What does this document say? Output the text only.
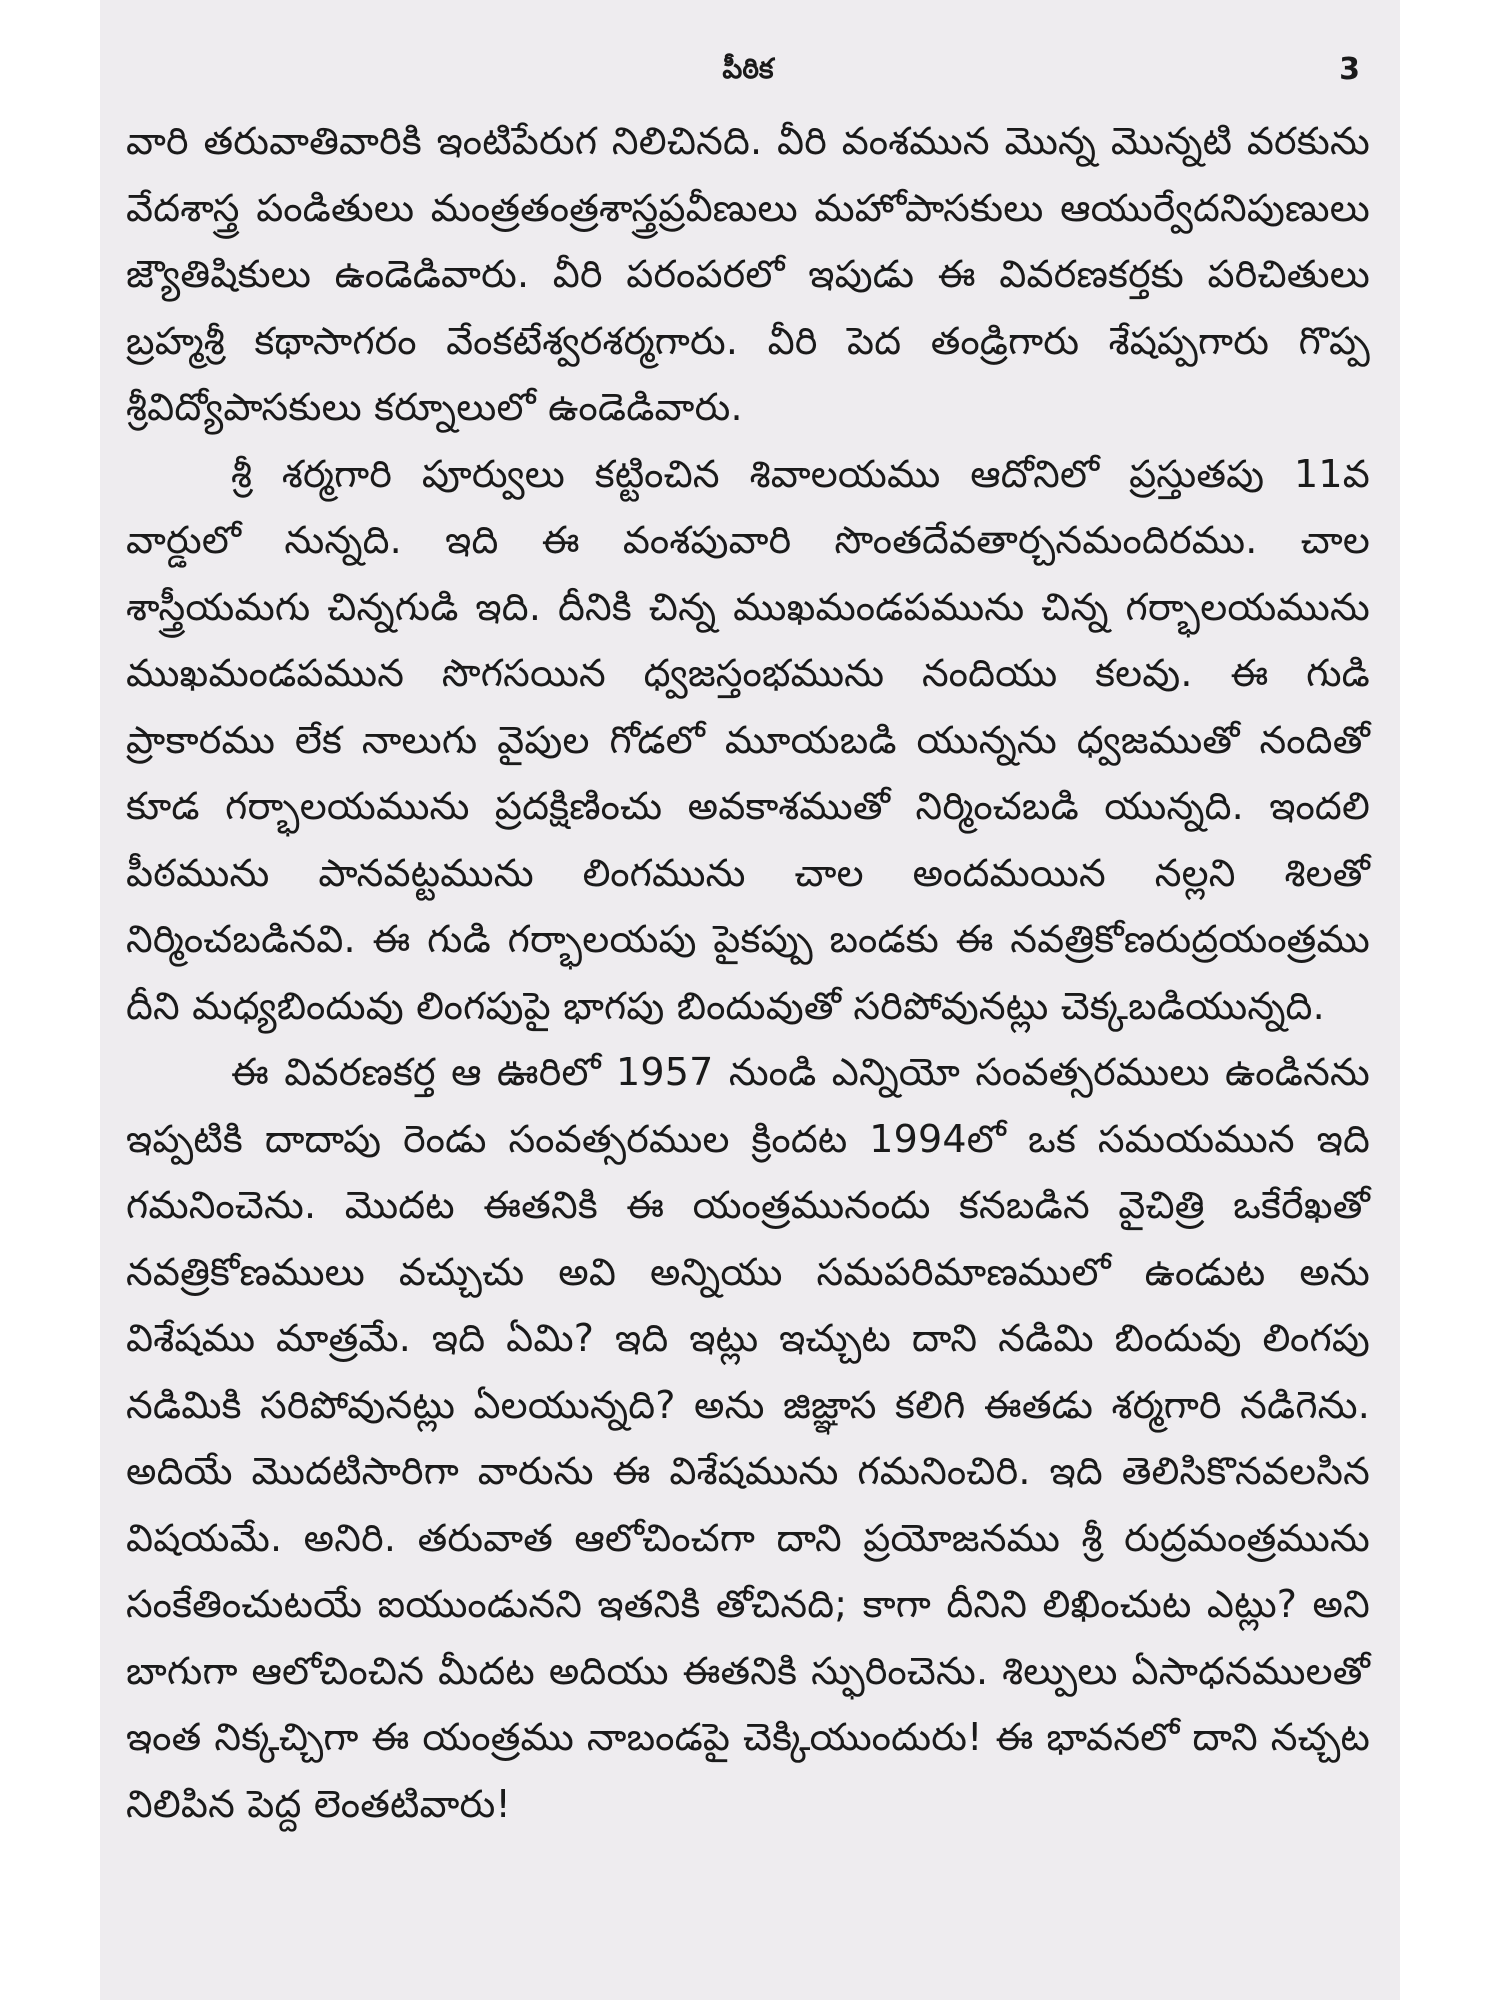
పీఠిక	3

వారి తరువాతివారికి ఇంటిపేరుగ నిలిచినది. వీరి వంశమున మొన్న మొన్నటి వరకును వేదశాస్త్ర పండితులు మంత్రతంత్రశాస్త్రప్రవీణులు మహోపాసకులు ఆయుర్వేదనిపుణులు జ్యౌతిషికులు ఉండెడివారు. వీరి పరంపరలో ఇపుడు ఈ వివరణకర్తకు పరిచితులు బ్రహ్మశ్రీ కథాసాగరం వేంకటేశ్వరశర్మగారు. వీరి పెద తండ్రిగారు శేషప్పగారు గొప్ప శ్రీవిద్యోపాసకులు కర్నూలులో ఉండెడివారు.

శ్రీ శర్మగారి పూర్వులు కట్టించిన శివాలయము ఆదోనిలో ప్రస్తుతపు 11వ వార్డులో నున్నది. ఇది ఈ వంశపువారి సొంతదేవతార్చనమందిరము. చాల శాస్త్రీయమగు చిన్నగుడి ఇది. దీనికి చిన్న ముఖమండపమును చిన్న గర్భాలయమును ముఖమండపమున సొగసయిన ధ్వజస్తంభమును నందియు కలవు. ఈ గుడి ప్రాకారము లేక నాలుగు వైపుల గోడలో మూయబడి యున్నను ధ్వజముతో నందితో కూడ గర్భాలయమును ప్రదక్షిణించు అవకాశముతో నిర్మించబడి యున్నది. ఇందలి పీఠమును పానవట్టమును లింగమును చాల అందమయిన నల్లని శిలతో నిర్మించబడినవి. ఈ గుడి గర్భాలయపు పైకప్పు బండకు ఈ నవత్రికోణరుద్రయంత్రము దీని మధ్యబిందువు లింగపుపై భాగపు బిందువుతో సరిపోవునట్లు చెక్కబడియున్నది.

ఈ వివరణకర్త ఆ ఊరిలో 1957 నుండి ఎన్నియో సంవత్సరములు ఉండినను ఇప్పటికి దాదాపు రెండు సంవత్సరముల క్రిందట 1994లో ఒక సమయమున ఇది గమనించెను. మొదట ఈతనికి ఈ యంత్రమునందు కనబడిన వైచిత్రి ఒకేరేఖతో నవత్రికోణములు వచ్చుచు అవి అన్నియు సమపరిమాణములో ఉండుట అను విశేషము మాత్రమే. ఇది ఏమి? ఇది ఇట్లు ఇచ్చుట దాని నడిమి బిందువు లింగపు నడిమికి సరిపోవునట్లు ఏలయున్నది? అను జిజ్ఞాస కలిగి ఈతడు శర్మగారి నడిగెను. అదియే మొదటిసారిగా వారును ఈ విశేషమును గమనించిరి. ఇది తెలిసికొనవలసిన విషయమే. అనిరి. తరువాత ఆలోచించగా దాని ప్రయోజనము శ్రీ రుద్రమంత్రమును సంకేతించుటయే ఐయుండునని ఇతనికి తోచినది; కాగా దీనిని లిఖించుట ఎట్లు? అని బాగుగా ఆలోచించిన మీదట అదియు ఈతనికి స్ఫురించెను. శిల్పులు ఏసాధనములతో ఇంత నిక్కచ్చిగా ఈ యంత్రము నాబండపై చెక్కియుందురు! ఈ భావనలో దాని నచ్చట నిలిపిన పెద్ద లెంతటివారు!
